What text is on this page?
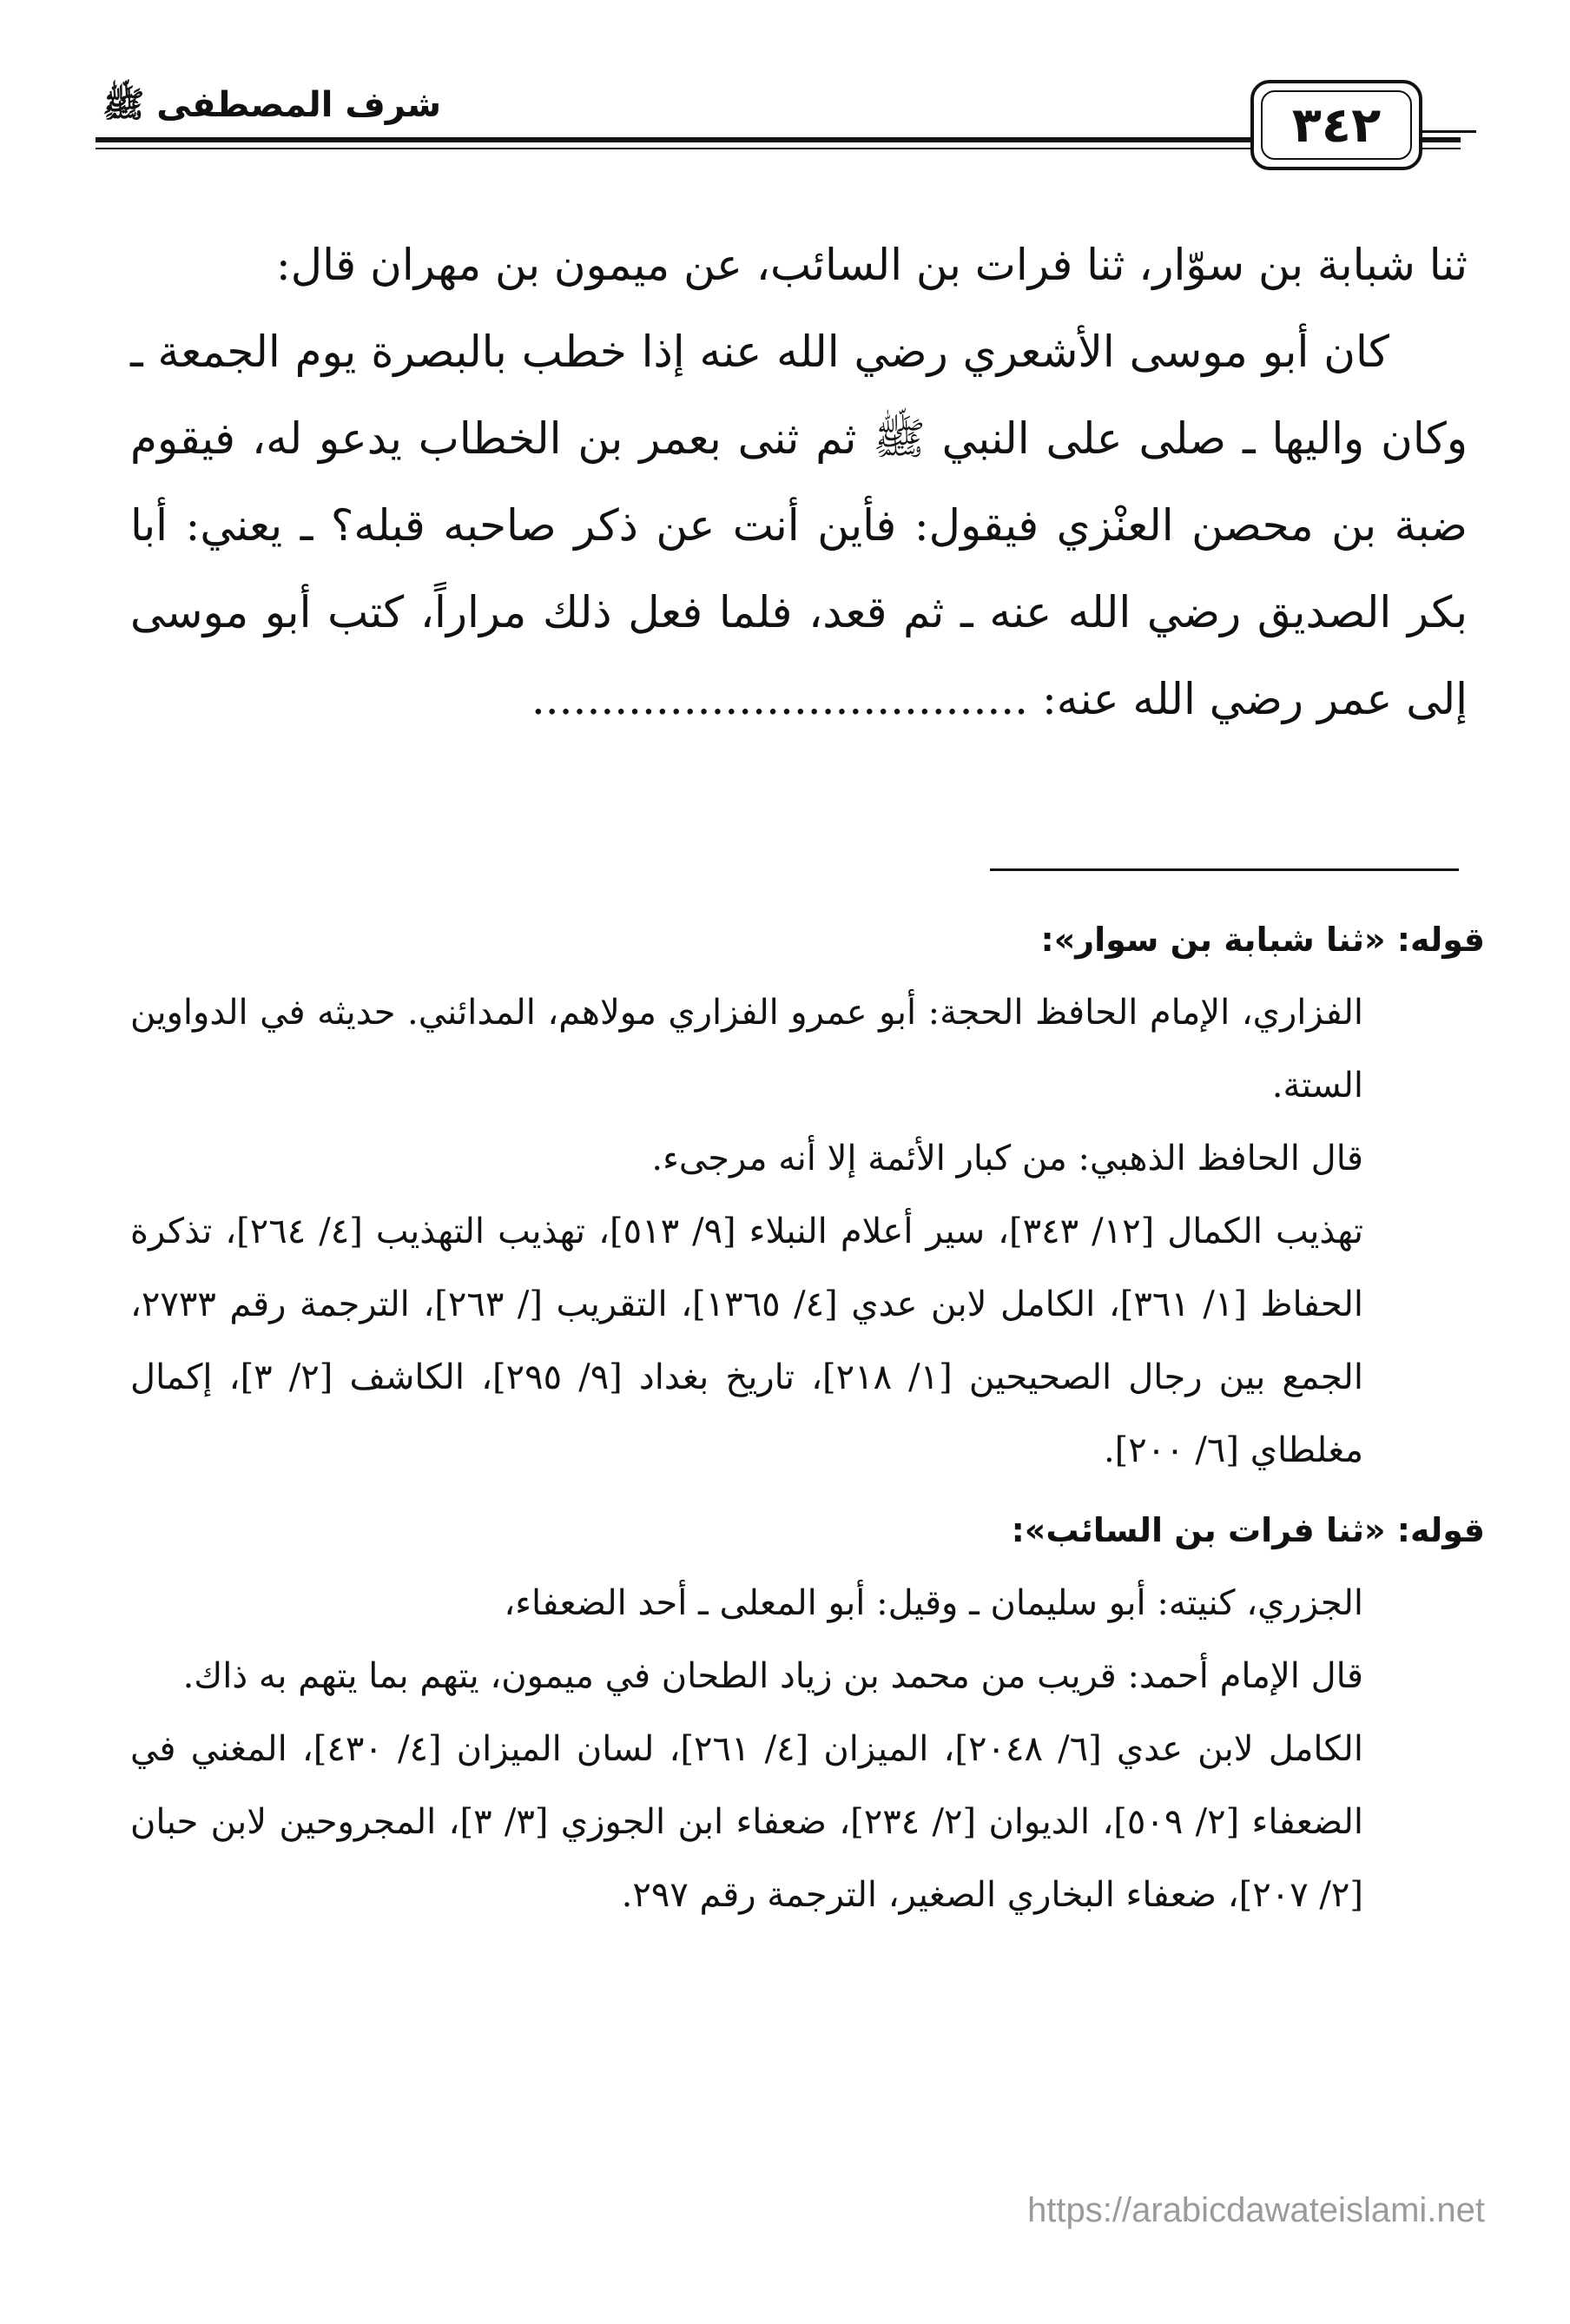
شرف المصطفى ﷺ	٣٤٢

ثنا شبابة بن سوّار، ثنا فرات بن السائب، عن ميمون بن مهران قال:

كان أبو موسى الأشعري رضي الله عنه إذا خطب بالبصرة يوم الجمعة ـ وكان واليها ـ صلى على النبي ﷺ ثم ثنى بعمر بن الخطاب يدعو له، فيقوم ضبة بن محصن العنْزي فيقول: فأين أنت عن ذكر صاحبه قبله؟ ـ يعني: أبا بكر الصديق رضي الله عنه ـ ثم قعد، فلما فعل ذلك مراراً، كتب أبو موسى إلى عمر رضي الله عنه: ....................................

قوله: «ثنا شبابة بن سوار»:

الفزاري، الإمام الحافظ الحجة: أبو عمرو الفزاري مولاهم، المدائني. حديثه في الدواوين الستة.

قال الحافظ الذهبي: من كبار الأئمة إلا أنه مرجىء.

تهذيب الكمال [١٢/ ٣٤٣]، سير أعلام النبلاء [٩/ ٥١٣]، تهذيب التهذيب [٤/ ٢٦٤]، تذكرة الحفاظ [١/ ٣٦١]، الكامل لابن عدي [٤/ ١٣٦٥]، التقريب [/ ٢٦٣]، الترجمة رقم ٢٧٣٣، الجمع بين رجال الصحيحين [١/ ٢١٨]، تاريخ بغداد [٩/ ٢٩٥]، الكاشف [٢/ ٣]، إكمال مغلطاي [٦/ ٢٠٠].

قوله: «ثنا فرات بن السائب»:

الجزري، كنيته: أبو سليمان ـ وقيل: أبو المعلى ـ أحد الضعفاء،

قال الإمام أحمد: قريب من محمد بن زياد الطحان في ميمون، يتهم بما يتهم به ذاك.

الكامل لابن عدي [٦/ ٢٠٤٨]، الميزان [٤/ ٢٦١]، لسان الميزان [٤/ ٤٣٠]، المغني في الضعفاء [٢/ ٥٠٩]، الديوان [٢/ ٢٣٤]، ضعفاء ابن الجوزي [٣/ ٣]، المجروحين لابن حبان [٢/ ٢٠٧]، ضعفاء البخاري الصغير، الترجمة رقم ٢٩٧.

https://arabicdawateislami.net
